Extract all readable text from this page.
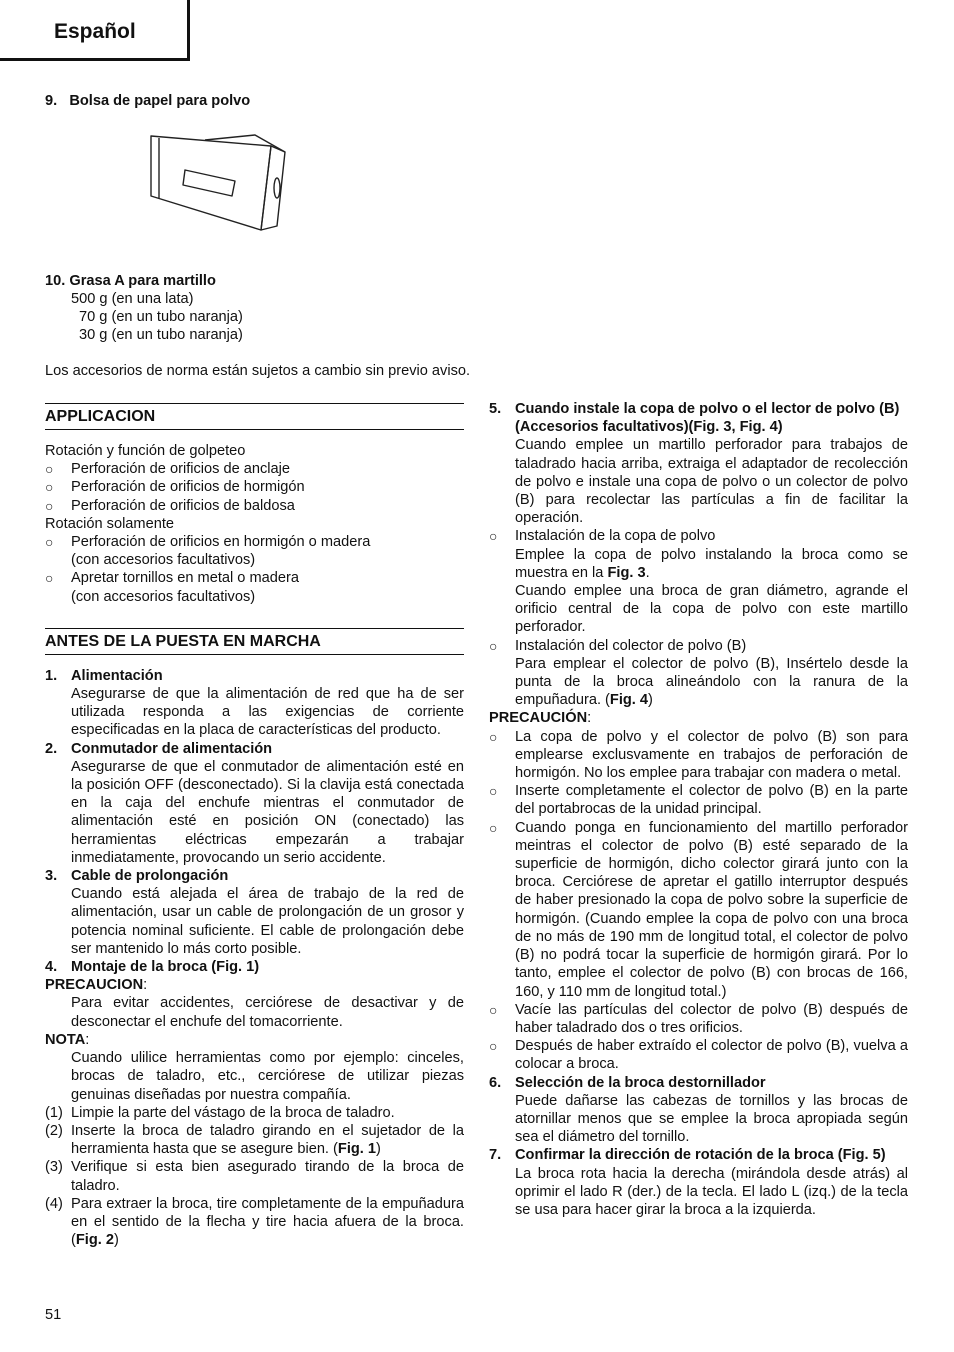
Español
9. Bolsa de papel para polvo
10. Grasa A para martillo
500 g (en una lata)
70 g (en un tubo naranja)
30 g (en un tubo naranja)
Los accesorios de norma están sujetos a cambio sin previo aviso.
APPLICACION
Rotación y función de golpeteo
○	Perforación de orificios de anclaje
○	Perforación de orificios de hormigón
○	Perforación de orificios de baldosa
Rotación solamente
○	Perforación de orificios en hormigón o madera
(con accesorios facultativos)
○	Apretar tornillos en metal o madera
(con accesorios facultativos)
ANTES DE LA PUESTA EN MARCHA
1. Alimentación
Asegurarse de que la alimentación de red que ha de ser utilizada responda a las exigencias de corriente especificadas en la placa de características del producto.
2. Conmutador de alimentación
Asegurarse de que el conmutador de alimentación esté en la posición OFF (desconectado). Si la clavija está conectada en la caja del enchufe mientras el conmutador de alimentación esté en posición ON (conectado) las herramientas eléctricas empezarán a trabajar inmediatamente, provocando un serio accidente.
3. Cable de prolongación
Cuando está alejada el área de trabajo de la red de alimentación, usar un cable de prolongación de un grosor y potencia nominal suficiente. El cable de prolongación debe ser mantenido lo más corto posible.
4. Montaje de la broca (Fig. 1)
PRECAUCION:
Para evitar accidentes, cerciórese de desactivar y de desconectar el enchufe del tomacorriente.
NOTA:
Cuando ulilice herramientas como por ejemplo: cinceles, brocas de taladro, etc., cerciórese de utilizar piezas genuinas diseñadas por nuestra compañía.
(1) Limpie la parte del vástago de la broca de taladro.
(2) Inserte la broca de taladro girando en el sujetador de la herramienta hasta que se asegure bien. (Fig. 1)
(3) Verifique si esta bien asegurado tirando de la broca de taladro.
(4) Para extraer la broca, tire completamente de la empuñadura en el sentido de la flecha y tire hacia afuera de la broca. (Fig. 2)
5. Cuando instale la copa de polvo o el lector de polvo (B) (Accesorios facultativos)(Fig. 3, Fig. 4)
Cuando emplee un martillo perforador para trabajos de taladrado hacia arriba, extraiga el adaptador de recolección de polvo e instale una copa de polvo o un colector de polvo (B) para recolectar las partículas a fin de facilitar la operación.
○	Instalación de la copa de polvo
Emplee la copa de polvo instalando la broca como se muestra en la Fig. 3.
Cuando emplee una broca de gran diámetro, agrande el orificio central de la copa de polvo con este martillo perforador.
○	Instalación del colector de polvo (B)
Para emplear el colector de polvo (B), Insértelo desde la punta de la broca alineándolo con la ranura de la empuñadura. (Fig. 4)
PRECAUCIÓN:
○	La copa de polvo y el colector de polvo (B) son para emplearse exclusvamente en trabajos de perforación de hormigón. No los emplee para trabajar con madera o metal.
○	Inserte completamente el colector de polvo (B) en la parte del portabrocas de la unidad principal.
○	Cuando ponga en funcionamiento del martillo perforador meintras el colector de polvo (B) esté separado de la superficie de hormigón, dicho colector girará junto con la broca. Cerciórese de apretar el gatillo interruptor después de haber presionado la copa de polvo sobre la superficie de hormigón. (Cuando emplee la copa de polvo con una broca de no más de 190 mm de longitud total, el colector de polvo (B) no podrá tocar la superficie de hormigón girará. Por lo tanto, emplee el colector de polvo (B) con brocas de 166, 160, y 110 mm de longitud total.)
○	Vacíe las partículas del colector de polvo (B) después de haber taladrado dos o tres orificios.
○	Después de haber extraído el colector de polvo (B), vuelva a colocar a broca.
6. Selección de la broca destornillador
Puede dañarse las cabezas de tornillos y las brocas de atornillar menos que se emplee la broca apropiada según sea el diámetro del tornillo.
7. Confirmar la dirección de rotación de la broca (Fig. 5)
La broca rota hacia la derecha (mirándola desde atrás) al oprimir el lado R (der.) de la tecla. El lado L (izq.) de la tecla se usa para hacer girar la broca a la izquierda.
51
